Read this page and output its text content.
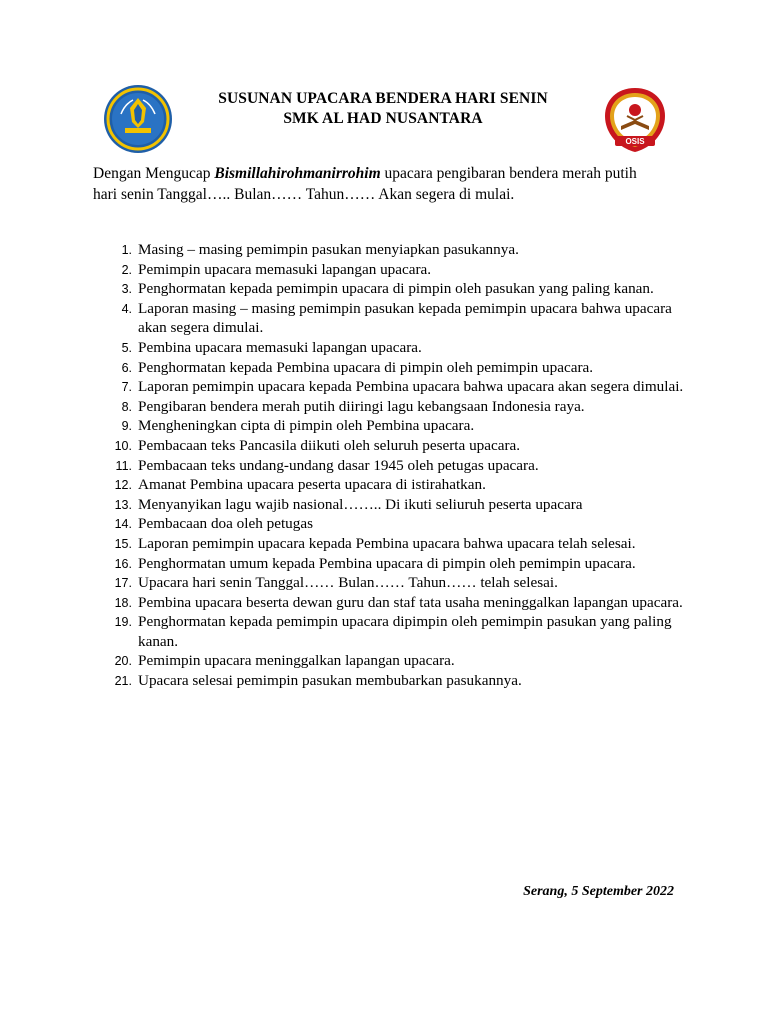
OSIS
SUSUNAN UPACARA BENDERA HARI SENIN
SMK AL HAD NUSANTARA
Dengan Mengucap Bismillahirohmanirrohim upacara pengibaran bendera merah putih hari senin Tanggal….. Bulan…… Tahun…… Akan segera di mulai.
1. Masing – masing pemimpin pasukan menyiapkan pasukannya.
2. Pemimpin upacara memasuki lapangan upacara.
3. Penghormatan kepada pemimpin upacara di pimpin oleh pasukan yang paling kanan.
4. Laporan masing – masing pemimpin pasukan kepada pemimpin upacara bahwa upacara akan segera dimulai.
5. Pembina upacara memasuki lapangan upacara.
6. Penghormatan kepada Pembina upacara di pimpin oleh pemimpin upacara.
7. Laporan pemimpin upacara kepada Pembina upacara bahwa upacara akan segera dimulai.
8. Pengibaran bendera merah putih diiringi lagu kebangsaan Indonesia raya.
9. Mengheningkan cipta di pimpin oleh Pembina upacara.
10. Pembacaan teks Pancasila diikuti oleh seluruh peserta upacara.
11. Pembacaan teks undang-undang dasar 1945 oleh petugas upacara.
12. Amanat Pembina upacara peserta upacara di istirahatkan.
13. Menyanyikan lagu wajib nasional…….. Di ikuti seliuruh peserta upacara
14. Pembacaan doa oleh petugas
15. Laporan pemimpin upacara kepada Pembina upacara bahwa upacara telah selesai.
16. Penghormatan umum kepada Pembina upacara di pimpin oleh pemimpin upacara.
17. Upacara hari senin Tanggal…… Bulan…… Tahun…… telah selesai.
18. Pembina upacara beserta dewan guru dan staf tata usaha meninggalkan lapangan upacara.
19. Penghormatan kepada pemimpin upacara dipimpin oleh pemimpin pasukan yang paling kanan.
20. Pemimpin upacara meninggalkan lapangan upacara.
21. Upacara selesai pemimpin pasukan membubarkan pasukannya.
Serang, 5 September 2022
